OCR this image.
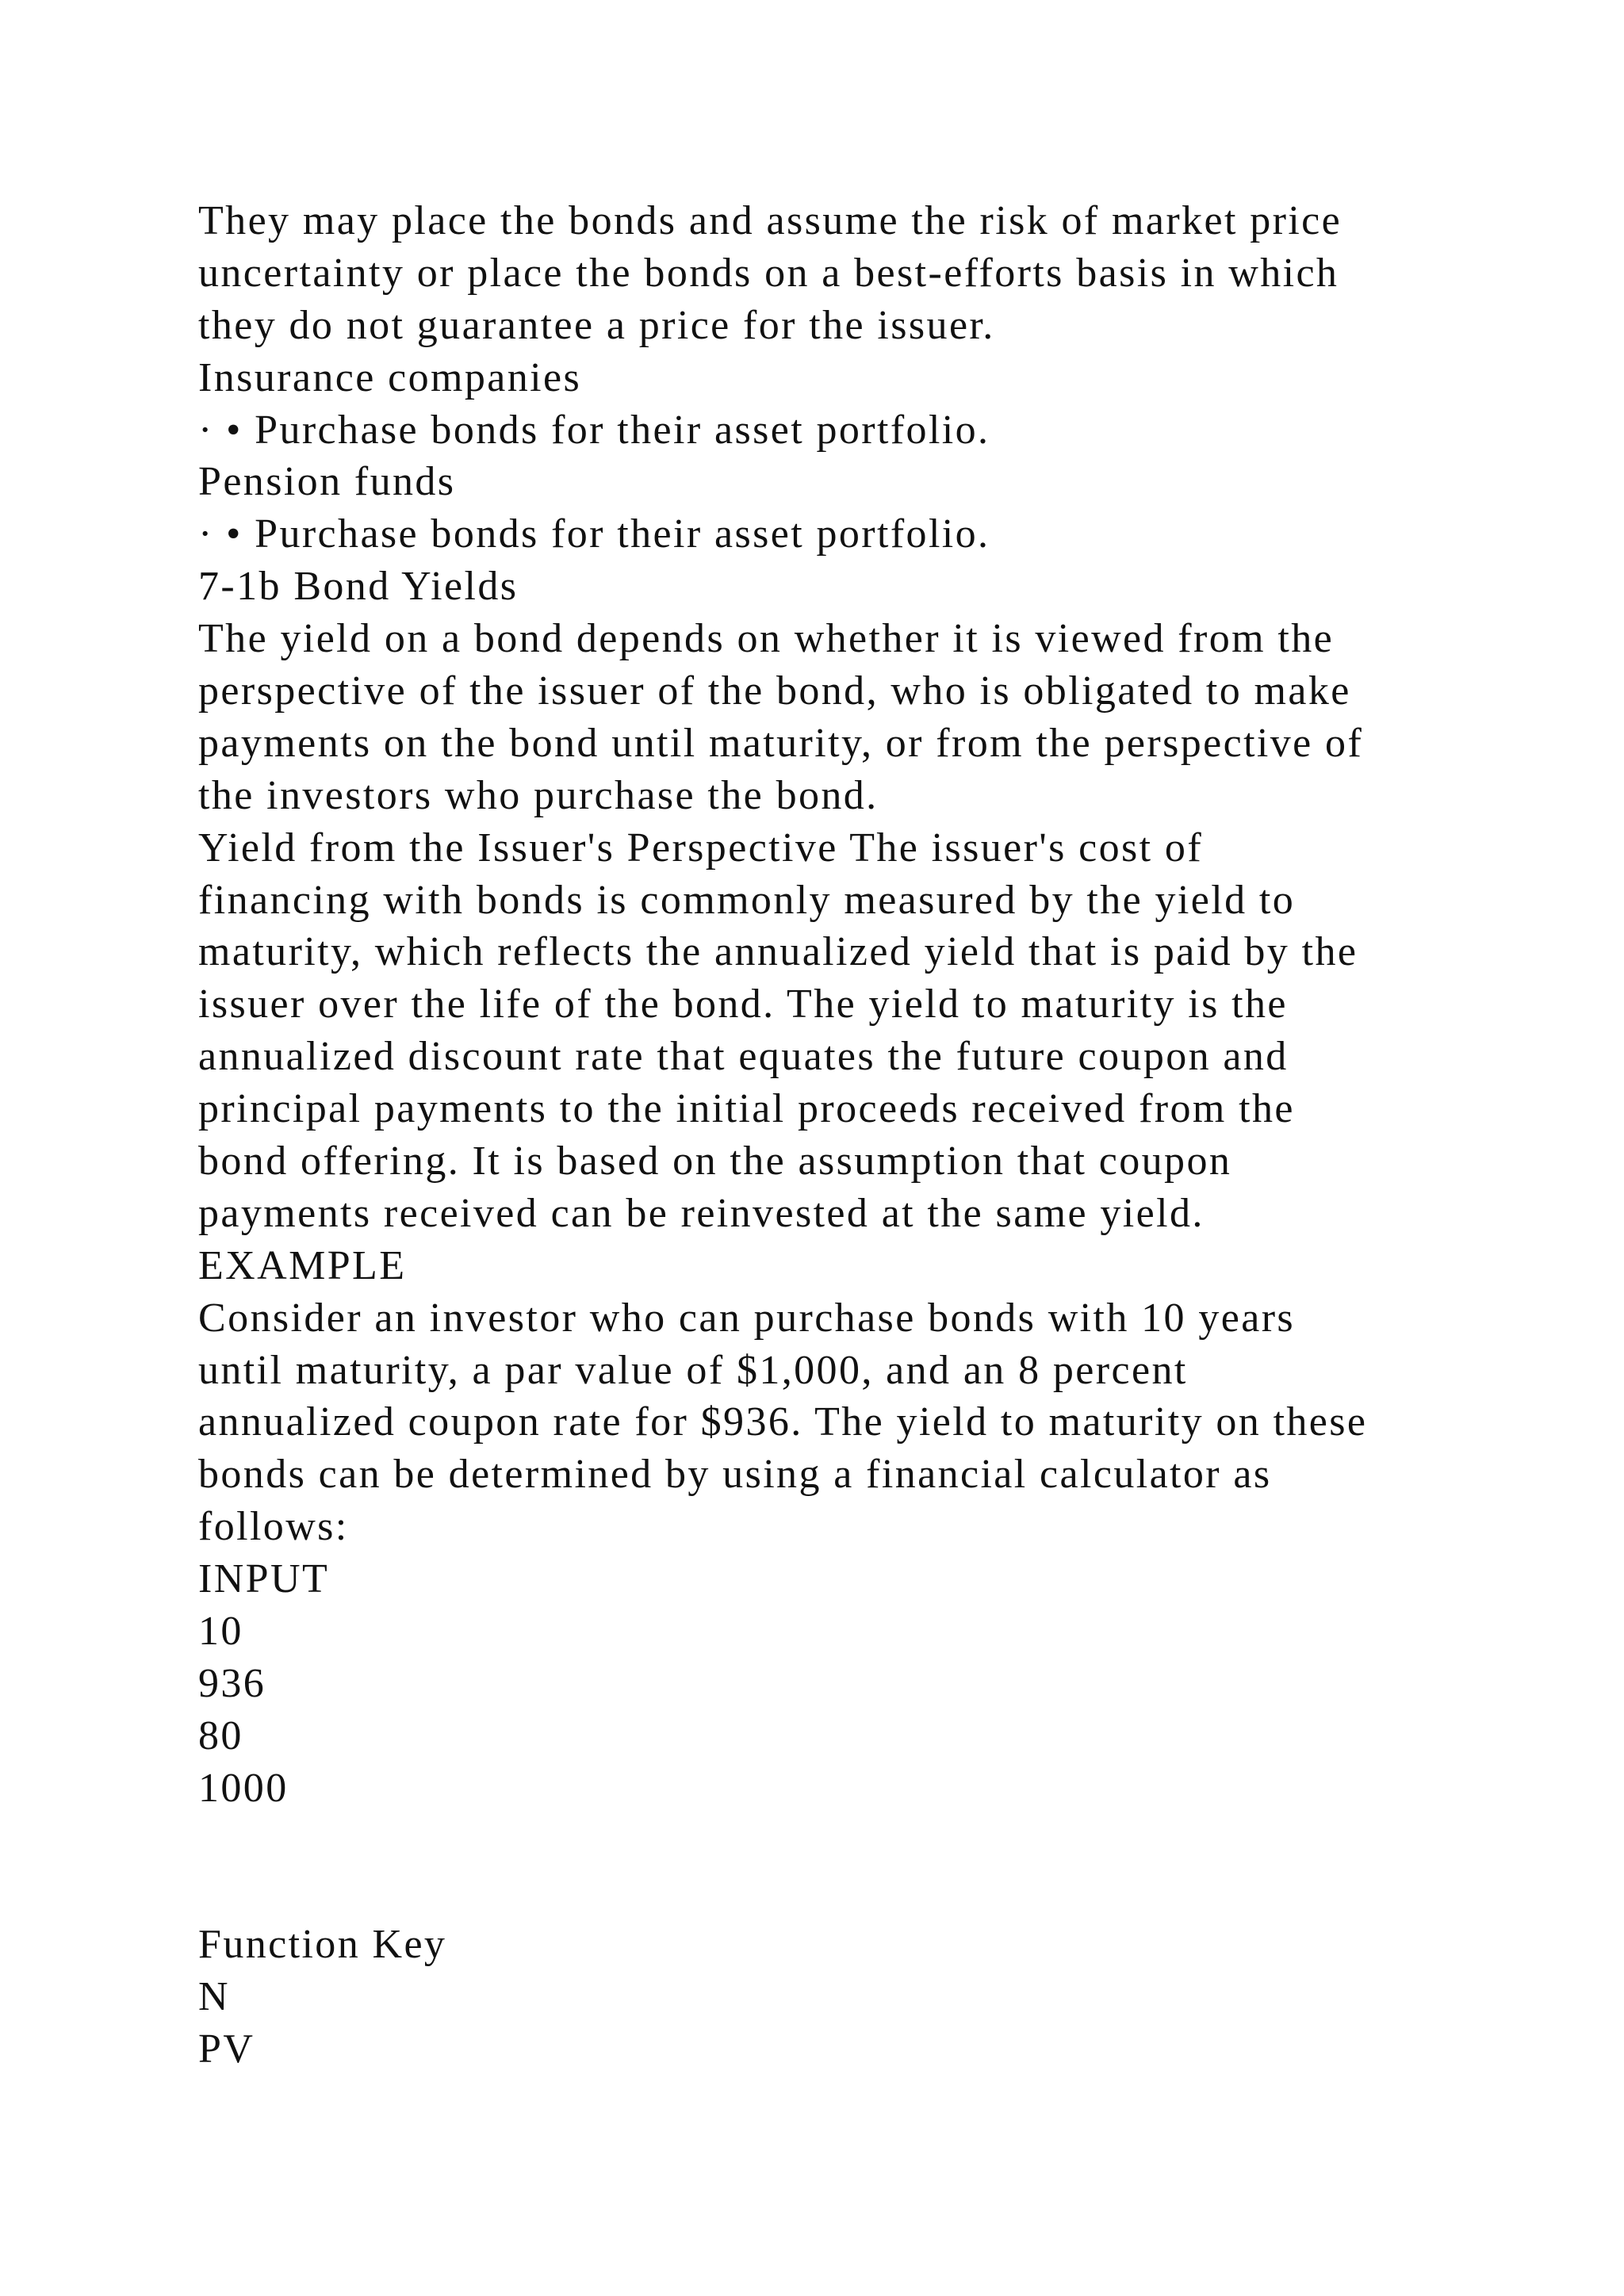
They may place the bonds and assume the risk of market price
uncertainty or place the bonds on a best-efforts basis in which
they do not guarantee a price for the issuer.
Insurance companies
· • Purchase bonds for their asset portfolio.
Pension funds
· • Purchase bonds for their asset portfolio.
7-1b Bond Yields
The yield on a bond depends on whether it is viewed from the
perspective of the issuer of the bond, who is obligated to make
payments on the bond until maturity, or from the perspective of
the investors who purchase the bond.
Yield from the Issuer's Perspective The issuer's cost of
financing with bonds is commonly measured by the yield to
maturity, which reflects the annualized yield that is paid by the
issuer over the life of the bond. The yield to maturity is the
annualized discount rate that equates the future coupon and
principal payments to the initial proceeds received from the
bond offering. It is based on the assumption that coupon
payments received can be reinvested at the same yield.
EXAMPLE
Consider an investor who can purchase bonds with 10 years
until maturity, a par value of $1,000, and an 8 percent
annualized coupon rate for $936. The yield to maturity on these
bonds can be determined by using a financial calculator as
follows:
INPUT
10
936
80
1000
Function Key
N
PV
